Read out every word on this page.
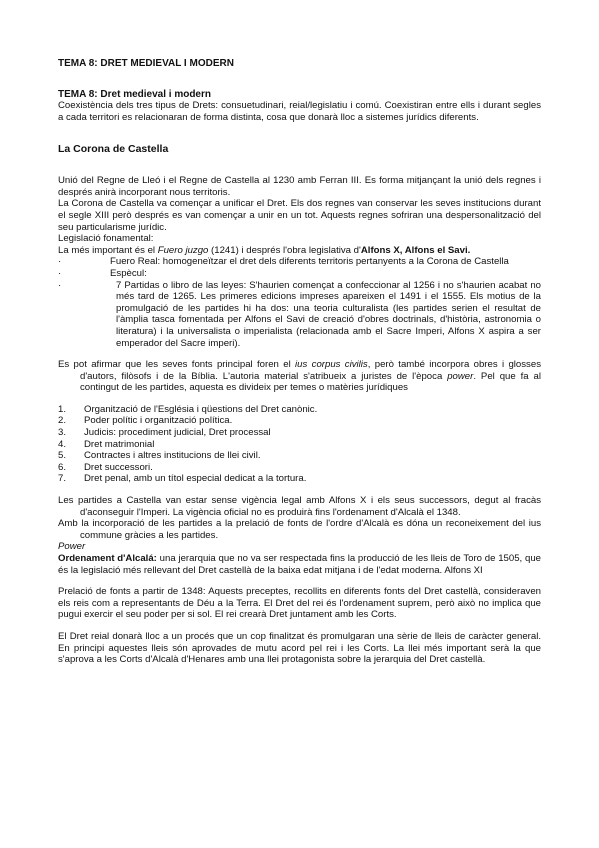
TEMA 8: DRET MEDIEVAL I MODERN
TEMA 8: Dret medieval i modern

Coexistència dels tres tipus de Drets: consuetudinari, reial/legislatiu i comú. Coexistiran entre ells i durant segles a cada territori es relacionaran de forma distinta, cosa que donarà lloc a sistemes jurídics diferents.

La Corona de Castella

Unió del Regne de Lleó i el Regne de Castella al 1230 amb Ferran III. Es forma mitjançant la unió dels regnes i després anirà incorporant nous territoris.

La Corona de Castella va començar a unificar el Dret. Els dos regnes van conservar les seves institucions durant el segle XIII però després es van començar a unir en un tot. Aquests regnes sofriran una despersonalització del seu particularisme jurídic.

Legislació fonamental:

La més important és el Fuero juzgo (1241) i després l'obra legislativa d'Alfons X, Alfons el Savi.

· Fuero Real: homogeneïtzar el dret dels diferents territoris pertanyents a la Corona de Castella
· Espècul:
· 7 Partidas o libro de las leyes: S'haurien començat a confeccionar al 1256 i no s'haurien acabat no més tard de 1265. Les primeres edicions impreses apareixen el 1491 i el 1555. Els motius de la promulgació de les partides hi ha dos: una teoria culturalista (les partides serien el resultat de l'àmplia tasca fomentada per Alfons el Savi de creació d'obres doctrinals, d'història, astronomia o literatura) i la universalista o imperialista (relacionada amb el Sacre Imperi, Alfons X aspira a ser emperador del Sacre imperi).

Es pot afirmar que les seves fonts principal foren el ius corpus civilis, però també incorpora obres i glosses d'autors, filòsofs i de la Bíblia. L'autoria material s'atribueix a juristes de l'època power. Pel que fa al contingut de les partides, aquesta es divideix per temes o matèries jurídiques

1. Organització de l'Església i qüestions del Dret canònic.
2. Poder polític i organització política.
3. Judicis: procediment judicial, Dret processal
4. Dret matrimonial
5. Contractes i altres institucions de llei civil.
6. Dret successori.
7. Dret penal, amb un títol especial dedicat a la tortura.

Les partides a Castella van estar sense vigència legal amb Alfons X i els seus successors, degut al fracàs d'aconseguir l'Imperi. La vigència oficial no es produirà fins l'ordenament d'Alcalà el 1348.

Amb la incorporació de les partides a la prelació de fonts de l'ordre d'Alcalà es dóna un reconeixement del ius commune gràcies a les partides.

Power

Ordenament d'Alcalá: una jerarquia que no va ser respectada fins la producció de les lleis de Toro de 1505, que és la legislació més rellevant del Dret castellà de la baixa edat mitjana i de l'edat moderna. Alfons XI

Prelació de fonts a partir de 1348: Aquests preceptes, recollits en diferents fonts del Dret castellà, consideraven els reis com a representants de Déu a la Terra. El Dret del rei és l'ordenament suprem, però això no implica que pugui exercir el seu poder per si sol. El rei crearà Dret juntament amb les Corts.

El Dret reial donarà lloc a un procés que un cop finalitzat és promulgaran una sèrie de lleis de caràcter general. En principi aquestes lleis són aprovades de mutu acord pel rei i les Corts. La llei més important serà la que s'aprova a les Corts d'Alcalà d'Henares amb una llei protagonista sobre la jerarquia del Dret castellà.
